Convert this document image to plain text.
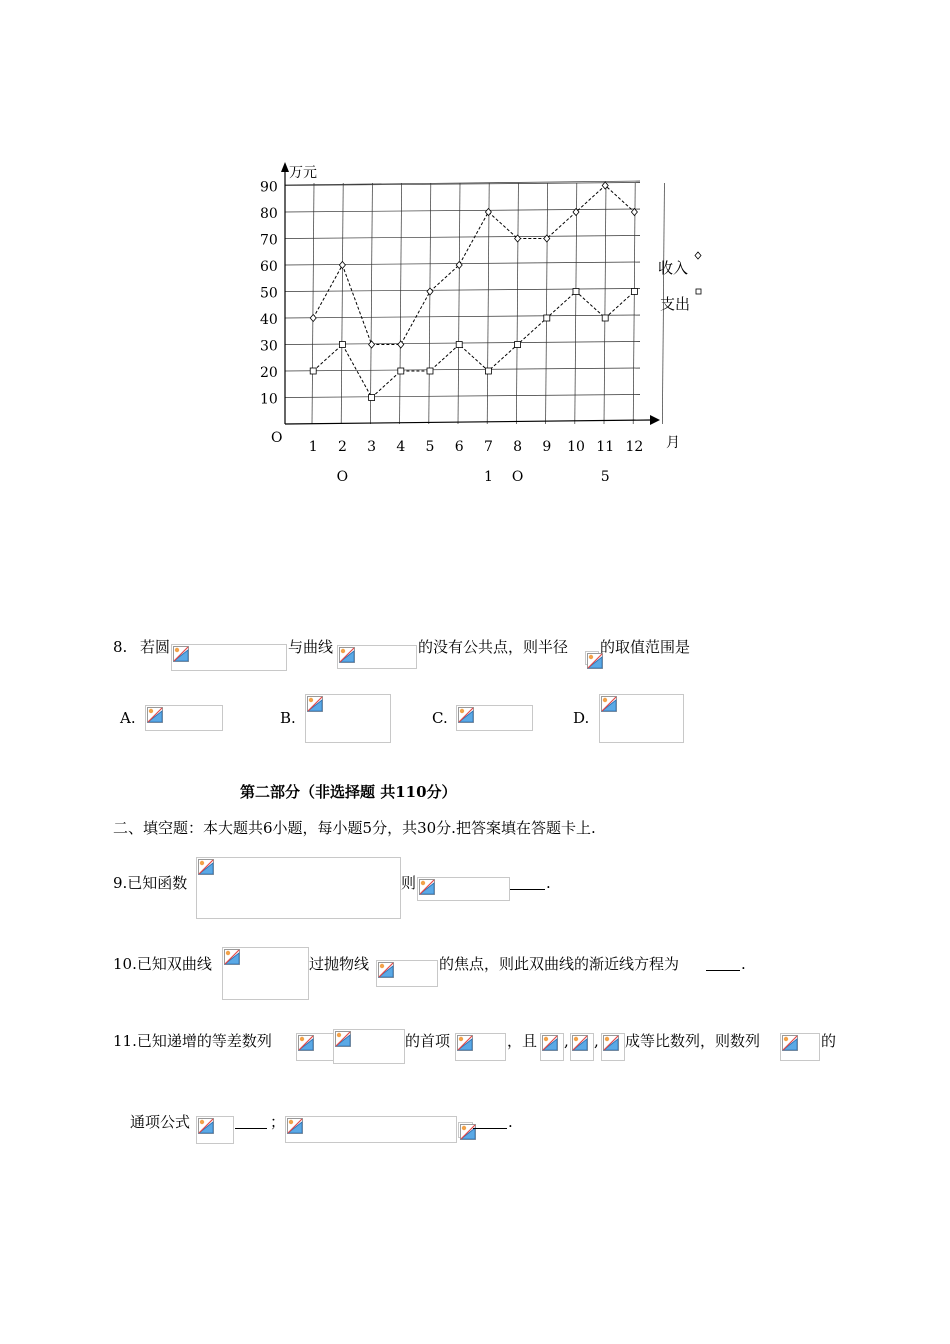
10
20
30
40
50
60
70
80
90
1 2 3 4 5 6 7 8 9 10 11 12
万元
月
O
O	1 O	5
收入
支出
8. 若圆	与曲线	的没有公共点，则半径 的取值范围是
A.	B.	C.	D.
第二部分（非选择题 共110分）
二、填空题：本大题共6小题，每小题5分，共30分.把答案填在答题卡上.
9.已知函数	则	.
10.已知双曲线	过抛物线	的焦点，则此双曲线的渐近线方程为	.
11.已知递增的等差数列	的首项	，且 , , 成等比数列，则数列	的
通项公式	；	.
